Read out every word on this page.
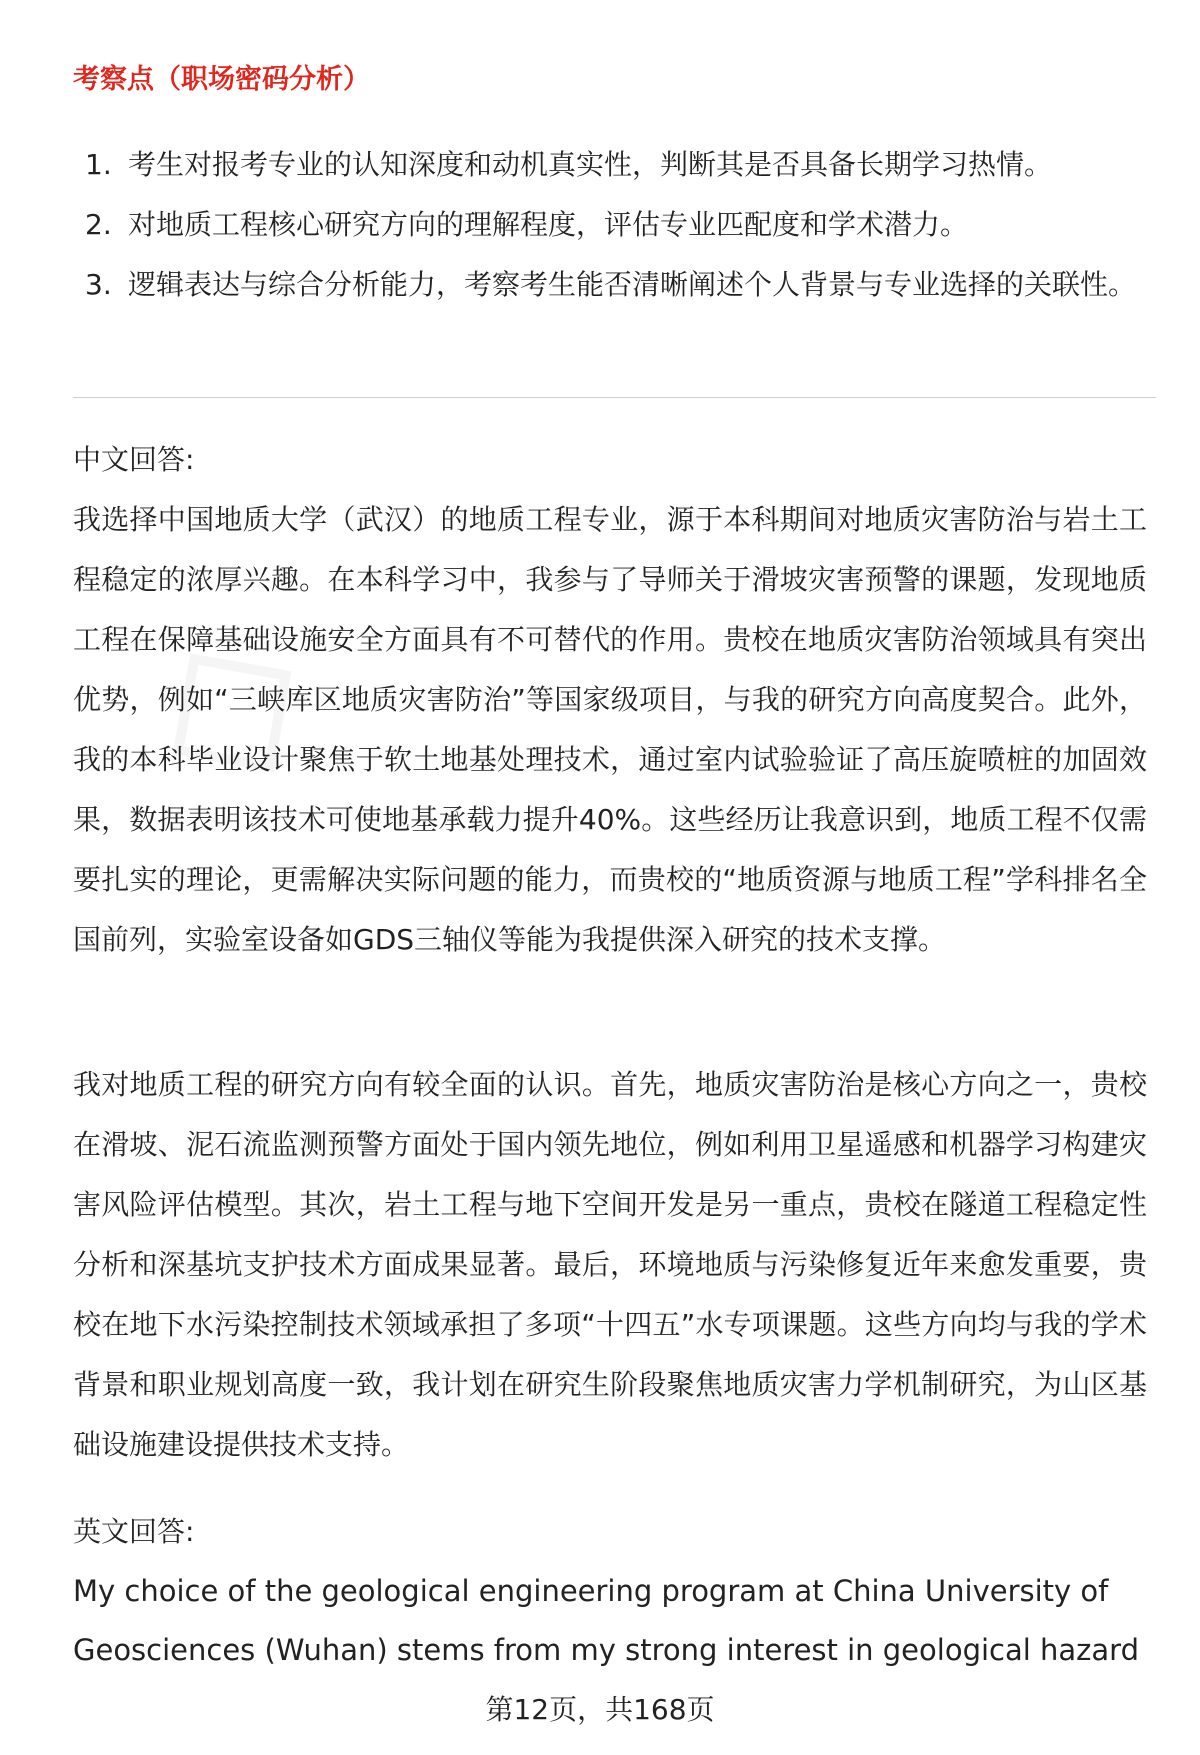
考察点（职场密码分析）
1. 考生对报考专业的认知深度和动机真实性，判断其是否具备长期学习热情。
2. 对地质工程核心研究方向的理解程度，评估专业匹配度和学术潜力。
3. 逻辑表达与综合分析能力，考察考生能否清晰阐述个人背景与专业选择的关联性。
中文回答:

我选择中国地质大学（武汉）的地质工程专业，源于本科期间对地质灾害防治与岩土工程稳定的浓厚兴趣。在本科学习中，我参与了导师关于滑坡灾害预警的课题，发现地质工程在保障基础设施安全方面具有不可替代的作用。贵校在地质灾害防治领域具有突出优势，例如“三峡库区地质灾害防治”等国家级项目，与我的研究方向高度契合。此外，我的本科毕业设计聚焦于软土地基处理技术，通过室内试验验证了高压旋喷桩的加固效果，数据表明该技术可使地基承载力提升40%。这些经历让我意识到，地质工程不仅需要扎实的理论，更需解决实际问题的能力，而贵校的“地质资源与地质工程”学科排名全国前列，实验室设备如GDS三轴仪等能为我提供深入研究的技术支撑。

我对地质工程的研究方向有较全面的认识。首先，地质灾害防治是核心方向之一，贵校在滑坡、泥石流监测预警方面处于国内领先地位，例如利用卫星遥感和机器学习构建灾害风险评估模型。其次，岩土工程与地下空间开发是另一重点，贵校在隧道工程稳定性分析和深基坑支护技术方面成果显著。最后，环境地质与污染修复近年来愈发重要，贵校在地下水污染控制技术领域承担了多项“十四五”水专项课题。这些方向均与我的学术背景和职业规划高度一致，我计划在研究生阶段聚焦地质灾害力学机制研究，为山区基础设施建设提供技术支持。

英文回答:
My choice of the geological engineering program at China University of
Geosciences (Wuhan) stems from my strong interest in geological hazard
第12页，共168页
